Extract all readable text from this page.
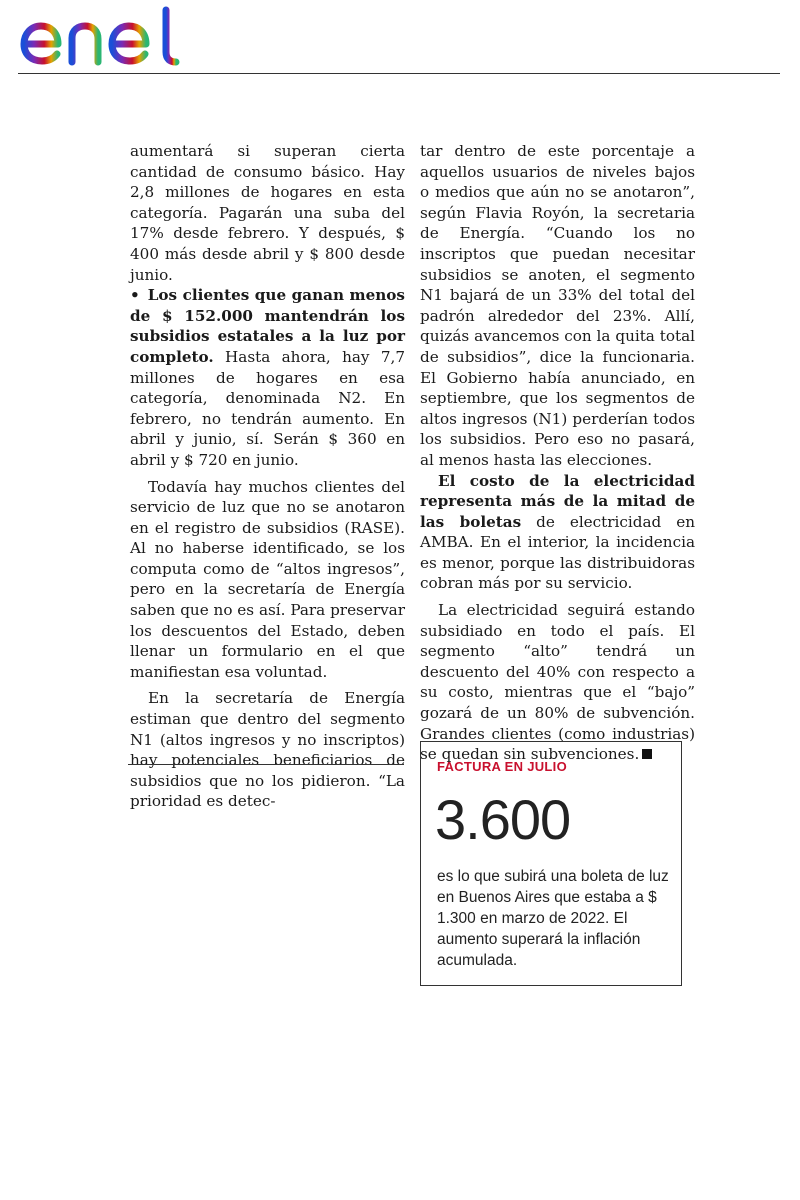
aumentará si superan cierta cantidad de consumo básico. Hay 2,8 millones de hogares en esta categoría. Pagarán una suba del 17% desde febrero. Y después, $ 400 más desde abril y $ 800 desde junio.

• Los clientes que ganan menos de $ 152.000 mantendrán los subsidios estatales a la luz por completo. Hasta ahora, hay 7,7 millones de hogares en esa categoría, denominada N2. En febrero, no tendrán aumento. En abril y junio, sí. Serán $ 360 en abril y $ 720 en junio.

Todavía hay muchos clientes del servicio de luz que no se anotaron en el registro de subsidios (RASE). Al no haberse identificado, se los computa como de “altos ingresos”, pero en la secretaría de Energía saben que no es así. Para preservar los descuentos del Estado, deben llenar un formulario en el que manifiestan esa voluntad.

En la secretaría de Energía estiman que dentro del segmento N1 (altos ingresos y no inscriptos) hay potenciales beneficiarios de subsidios que no los pidieron. “La prioridad es detec-

tar dentro de este porcentaje a aquellos usuarios de niveles bajos o medios que aún no se anotaron”, según Flavia Royón, la secretaria de Energía. “Cuando los no inscriptos que puedan necesitar subsidios se anoten, el segmento N1 bajará de un 33% del total del padrón alrededor del 23%. Allí, quizás avancemos con la quita total de subsidios”, dice la funcionaria. El Gobierno había anunciado, en septiembre, que los segmentos de altos ingresos (N1) perderían todos los subsidios. Pero eso no pasará, al menos hasta las elecciones.

El costo de la electricidad representa más de la mitad de las boletas de electricidad en AMBA. En el interior, la incidencia es menor, porque las distribuidoras cobran más por su servicio.

La electricidad seguirá estando subsidiado en todo el país. El segmento “alto” tendrá un descuento del 40% con respecto a su costo, mientras que el “bajo” gozará de un 80% de subvención. Grandes clientes (como industrias) se quedan sin subvenciones.

FACTURA EN JULIO
3.600
es lo que subirá una boleta de luz en Buenos Aires que estaba a $ 1.300 en marzo de 2022. El aumento superará la inflación acumulada.
